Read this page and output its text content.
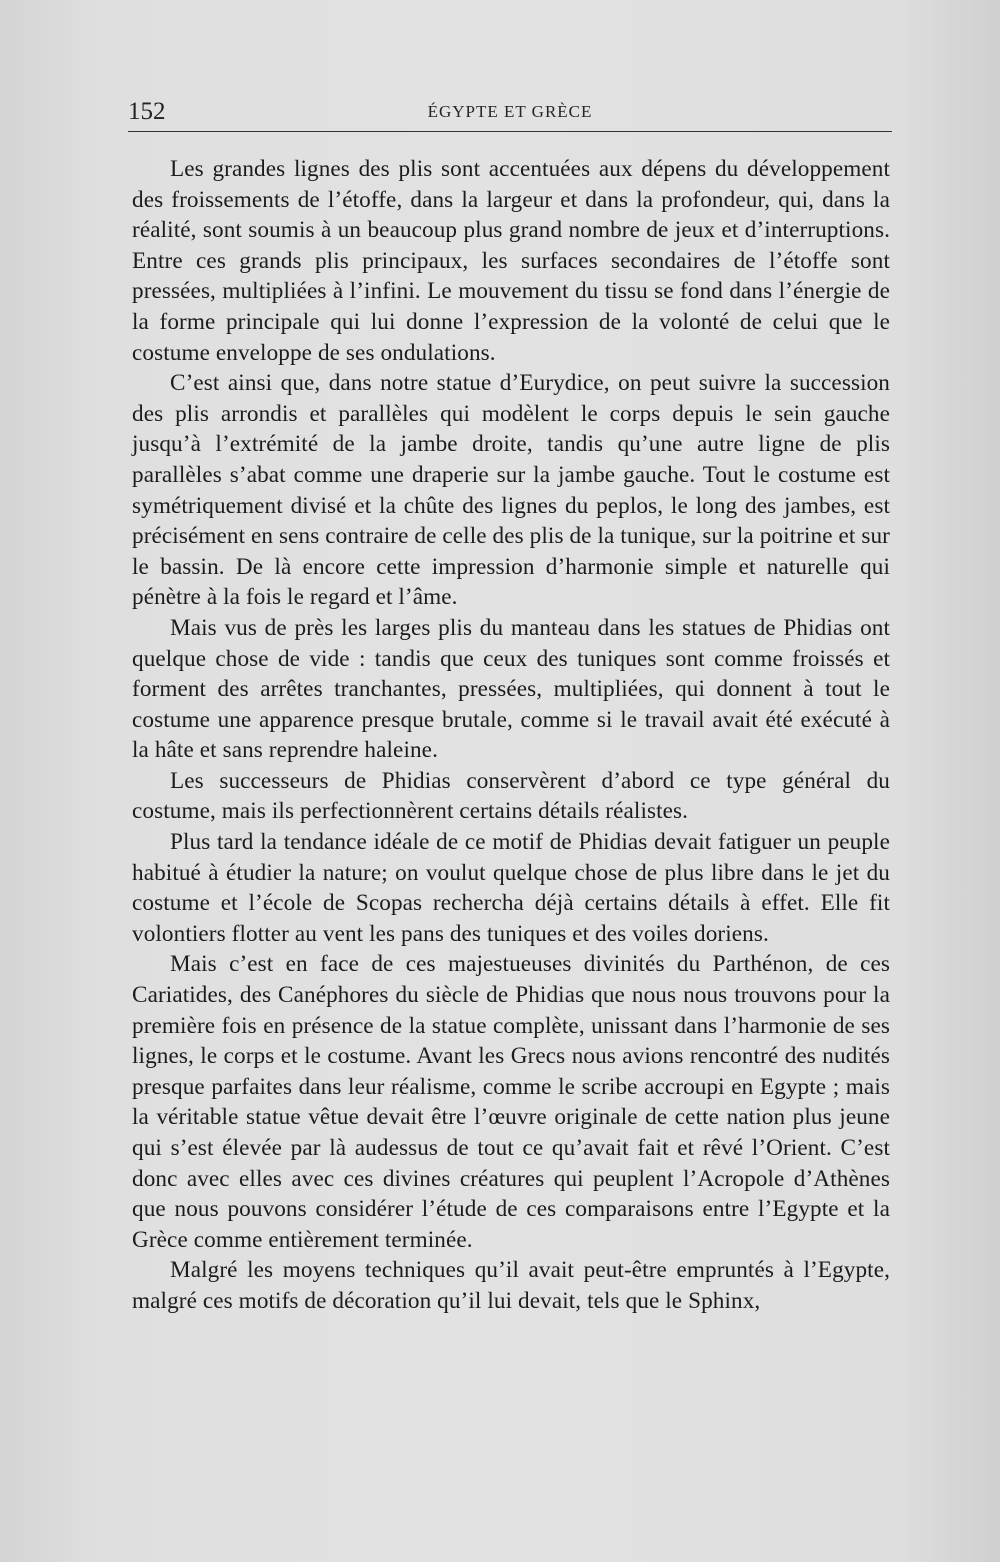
152	ÉGYPTE ET GRÈCE

Les grandes lignes des plis sont accentuées aux dépens du développement des froissements de l’étoffe, dans la largeur et dans la profondeur, qui, dans la réalité, sont soumis à un beaucoup plus grand nombre de jeux et d’interruptions. Entre ces grands plis principaux, les surfaces secondaires de l’étoffe sont pressées, multipliées à l’infini. Le mouvement du tissu se fond dans l’énergie de la forme principale qui lui donne l’expression de la volonté de celui que le costume enveloppe de ses ondulations.

C’est ainsi que, dans notre statue d’Eurydice, on peut suivre la succession des plis arrondis et parallèles qui modèlent le corps depuis le sein gauche jusqu’à l’extrémité de la jambe droite, tandis qu’une autre ligne de plis parallèles s’abat comme une draperie sur la jambe gauche. Tout le costume est symétriquement divisé et la chûte des lignes du peplos, le long des jambes, est précisément en sens contraire de celle des plis de la tunique, sur la poitrine et sur le bassin. De là encore cette impression d’harmonie simple et naturelle qui pénètre à la fois le regard et l’âme.

Mais vus de près les larges plis du manteau dans les statues de Phidias ont quelque chose de vide : tandis que ceux des tuniques sont comme froissés et forment des arrêtes tranchantes, pressées, multipliées, qui donnent à tout le costume une apparence presque brutale, comme si le travail avait été exécuté à la hâte et sans reprendre haleine.

Les successeurs de Phidias conservèrent d’abord ce type général du costume, mais ils perfectionnèrent certains détails réalistes.

Plus tard la tendance idéale de ce motif de Phidias devait fatiguer un peuple habitué à étudier la nature; on voulut quelque chose de plus libre dans le jet du costume et l’école de Scopas rechercha déjà certains détails à effet. Elle fit volontiers flotter au vent les pans des tuniques et des voiles doriens.

Mais c’est en face de ces majestueuses divinités du Parthénon, de ces Cariatides, des Canéphores du siècle de Phidias que nous nous trouvons pour la première fois en présence de la statue complète, unissant dans l’harmonie de ses lignes, le corps et le costume. Avant les Grecs nous avions rencontré des nudités presque parfaites dans leur réalisme, comme le scribe accroupi en Egypte ; mais la véritable statue vêtue devait être l’œuvre originale de cette nation plus jeune qui s’est élevée par là audessus de tout ce qu’avait fait et rêvé l’Orient. C’est donc avec elles avec ces divines créatures qui peuplent l’Acropole d’Athènes que nous pouvons considérer l’étude de ces comparaisons entre l’Egypte et la Grèce comme entièrement terminée.

Malgré les moyens techniques qu’il avait peut-être empruntés à l’Egypte, malgré ces motifs de décoration qu’il lui devait, tels que le Sphinx,
